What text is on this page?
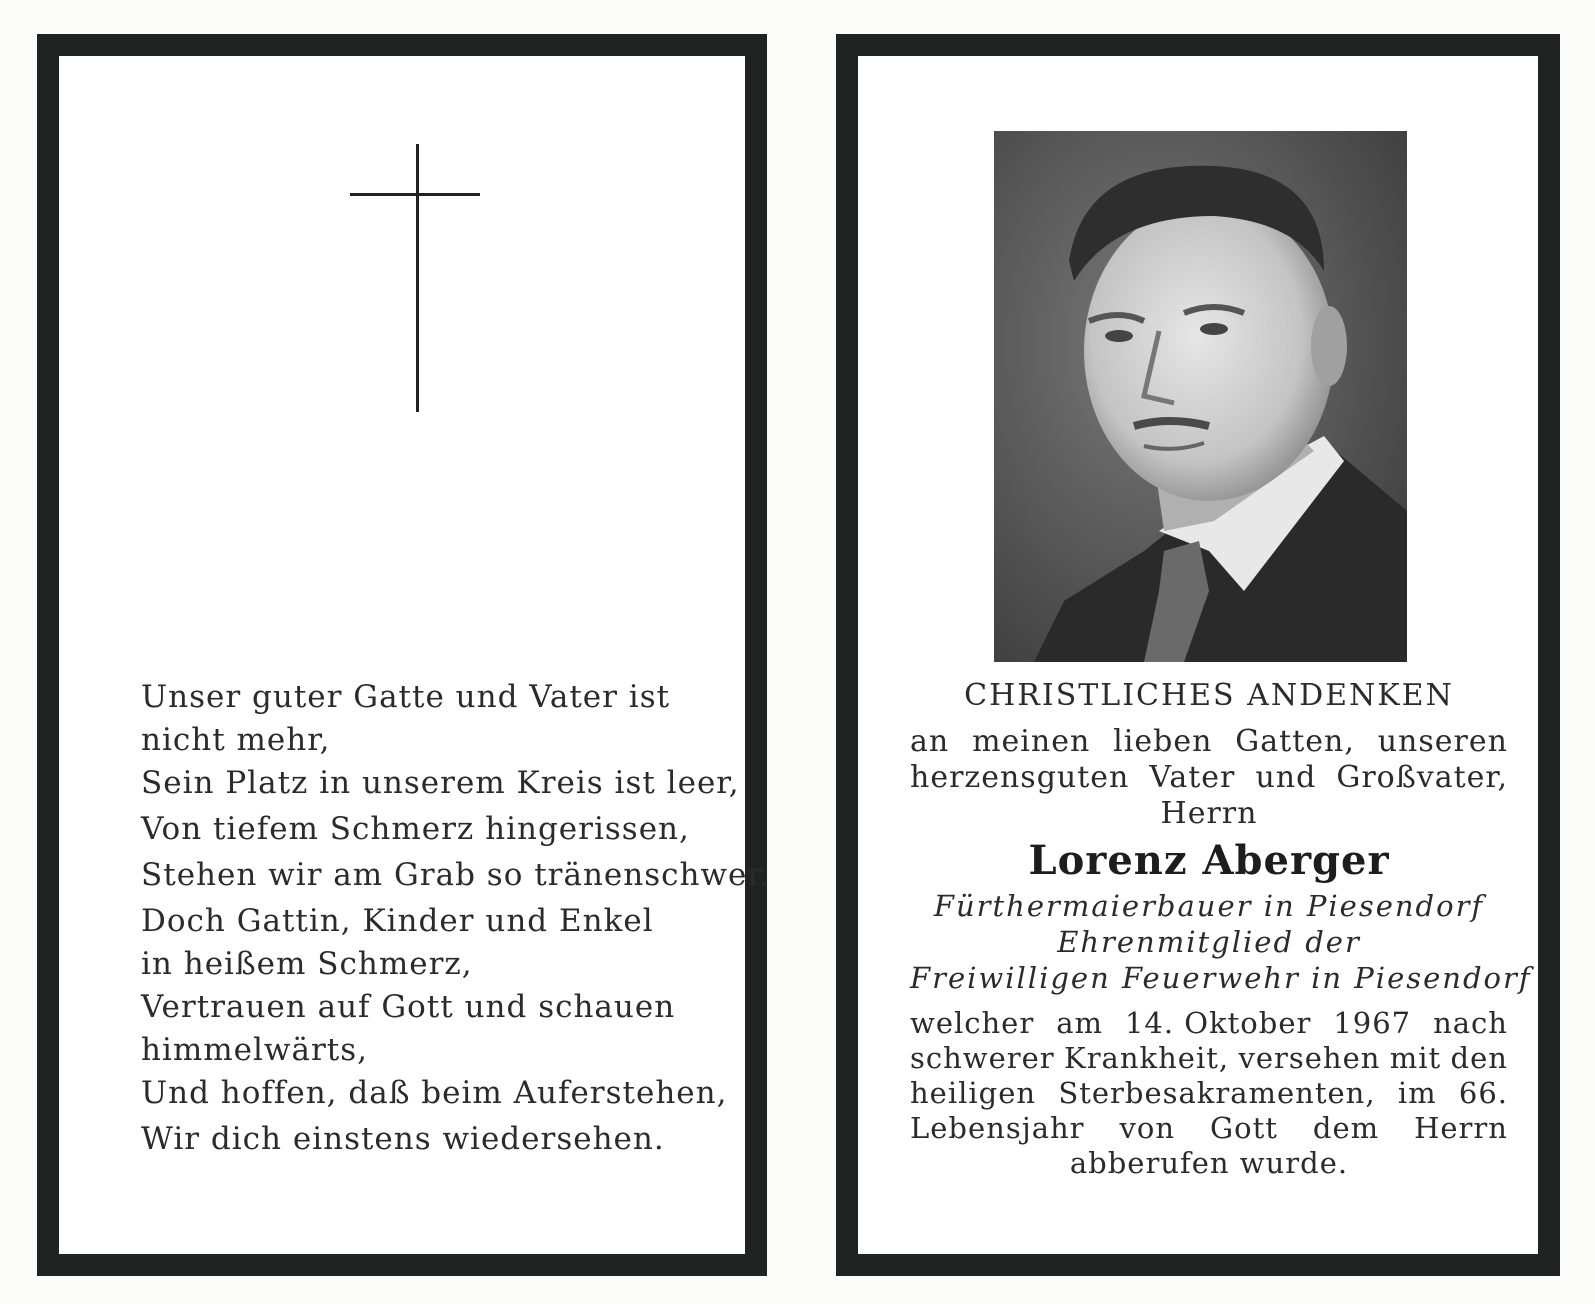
Unser guter Gatte und Vater ist
nicht mehr,
Sein Platz in unserem Kreis ist leer,
Von tiefem Schmerz hingerissen,
Stehen wir am Grab so tränenschwer.
Doch Gattin, Kinder und Enkel
in heißem Schmerz,
Vertrauen auf Gott und schauen
himmelwärts,
Und hoffen, daß beim Auferstehen,
Wir dich einstens wiedersehen.
CHRISTLICHES ANDENKEN
an meinen lieben Gatten, unseren
herzensguten Vater und Großvater,
Herrn
Lorenz Aberger
Fürthermaierbauer in Piesendorf
Ehrenmitglied der
Freiwilligen Feuerwehr in Piesendorf
welcher am 14. Oktober 1967 nach
schwerer Krankheit, versehen mit den
heiligen Sterbesakramenten, im 66.
Lebensjahr von Gott dem Herrn
abberufen wurde.
